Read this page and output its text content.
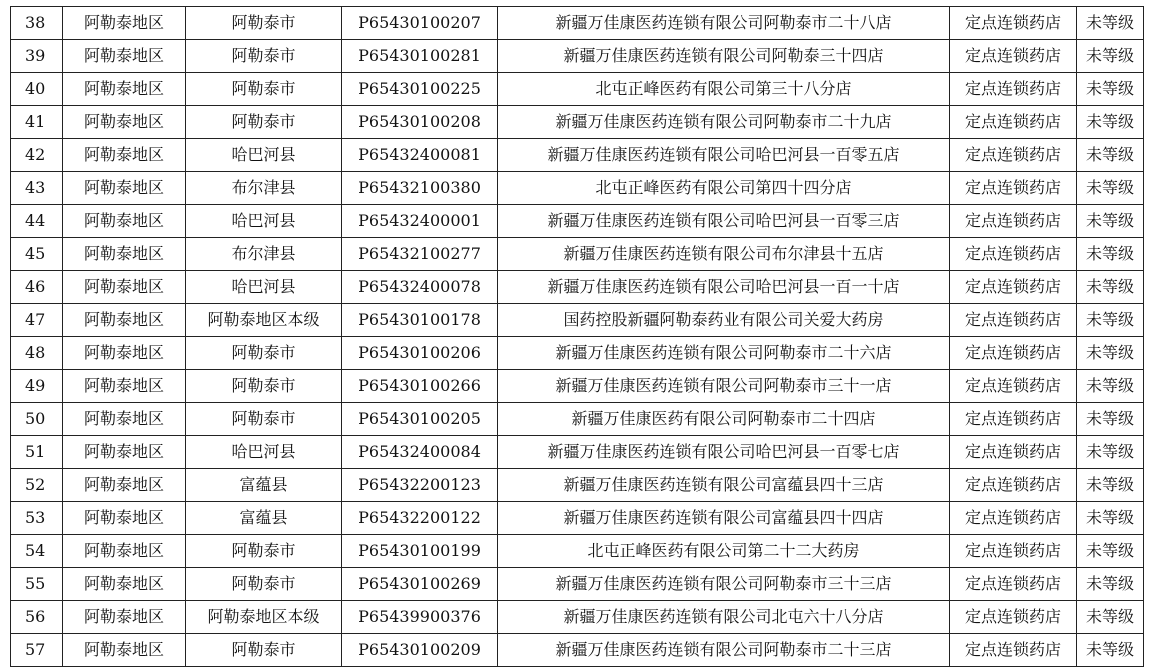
38	阿勒泰地区	阿勒泰市	P65430100207	新疆万佳康医药连锁有限公司阿勒泰市二十八店	定点连锁药店	未等级
39	阿勒泰地区	阿勒泰市	P65430100281	新疆万佳康医药连锁有限公司阿勒泰三十四店	定点连锁药店	未等级
40	阿勒泰地区	阿勒泰市	P65430100225	北屯正峰医药有限公司第三十八分店	定点连锁药店	未等级
41	阿勒泰地区	阿勒泰市	P65430100208	新疆万佳康医药连锁有限公司阿勒泰市二十九店	定点连锁药店	未等级
42	阿勒泰地区	哈巴河县	P65432400081	新疆万佳康医药连锁有限公司哈巴河县一百零五店	定点连锁药店	未等级
43	阿勒泰地区	布尔津县	P65432100380	北屯正峰医药有限公司第四十四分店	定点连锁药店	未等级
44	阿勒泰地区	哈巴河县	P65432400001	新疆万佳康医药连锁有限公司哈巴河县一百零三店	定点连锁药店	未等级
45	阿勒泰地区	布尔津县	P65432100277	新疆万佳康医药连锁有限公司布尔津县十五店	定点连锁药店	未等级
46	阿勒泰地区	哈巴河县	P65432400078	新疆万佳康医药连锁有限公司哈巴河县一百一十店	定点连锁药店	未等级
47	阿勒泰地区	阿勒泰地区本级	P65430100178	国药控股新疆阿勒泰药业有限公司关爱大药房	定点连锁药店	未等级
48	阿勒泰地区	阿勒泰市	P65430100206	新疆万佳康医药连锁有限公司阿勒泰市二十六店	定点连锁药店	未等级
49	阿勒泰地区	阿勒泰市	P65430100266	新疆万佳康医药连锁有限公司阿勒泰市三十一店	定点连锁药店	未等级
50	阿勒泰地区	阿勒泰市	P65430100205	新疆万佳康医药有限公司阿勒泰市二十四店	定点连锁药店	未等级
51	阿勒泰地区	哈巴河县	P65432400084	新疆万佳康医药连锁有限公司哈巴河县一百零七店	定点连锁药店	未等级
52	阿勒泰地区	富蕴县	P65432200123	新疆万佳康医药连锁有限公司富蕴县四十三店	定点连锁药店	未等级
53	阿勒泰地区	富蕴县	P65432200122	新疆万佳康医药连锁有限公司富蕴县四十四店	定点连锁药店	未等级
54	阿勒泰地区	阿勒泰市	P65430100199	北屯正峰医药有限公司第二十二大药房	定点连锁药店	未等级
55	阿勒泰地区	阿勒泰市	P65430100269	新疆万佳康医药连锁有限公司阿勒泰市三十三店	定点连锁药店	未等级
56	阿勒泰地区	阿勒泰地区本级	P65439900376	新疆万佳康医药连锁有限公司北屯六十八分店	定点连锁药店	未等级
57	阿勒泰地区	阿勒泰市	P65430100209	新疆万佳康医药连锁有限公司阿勒泰市二十三店	定点连锁药店	未等级
